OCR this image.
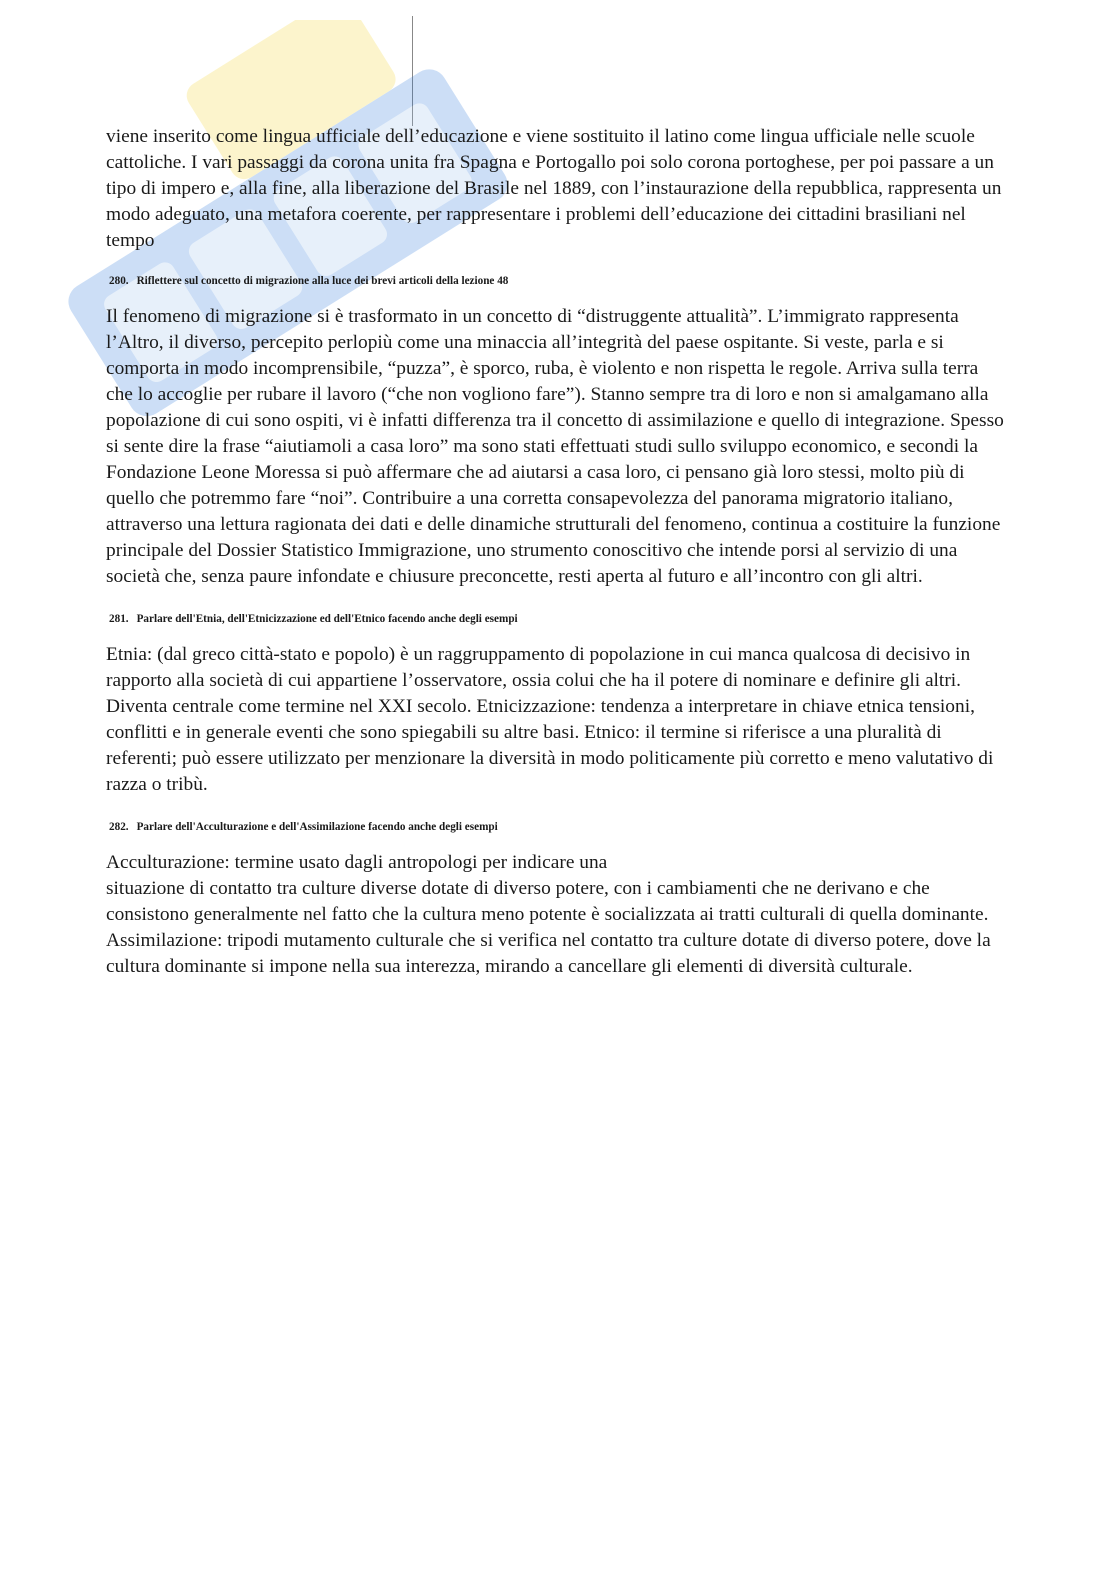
viene inserito come lingua ufficiale dell’educazione e viene sostituito il latino come lingua ufficiale nelle scuole cattoliche. I vari passaggi da corona unita fra Spagna e Portogallo poi solo corona portoghese, per poi passare a un tipo di impero e, alla fine, alla liberazione del Brasile nel 1889, con l’instaurazione della repubblica, rappresenta un modo adeguato, una metafora coerente, per rappresentare i problemi dell’educazione dei cittadini brasiliani nel tempo

280. Riflettere sul concetto di migrazione alla luce dei brevi articoli della lezione 48

Il fenomeno di migrazione si è trasformato in un concetto di “distruggente attualità”. L’immigrato rappresenta l’Altro, il diverso, percepito perlopiù come una minaccia all’integrità del paese ospitante. Si veste, parla e si comporta in modo incomprensibile, “puzza”, è sporco, ruba, è violento e non rispetta le regole. Arriva sulla terra che lo accoglie per rubare il lavoro (“che non vogliono fare”). Stanno sempre tra di loro e non si amalgamano alla popolazione di cui sono ospiti, vi è infatti differenza tra il concetto di assimilazione e quello di integrazione. Spesso si sente dire la frase “aiutiamoli a casa loro” ma sono stati effettuati studi sullo sviluppo economico, e secondi la Fondazione Leone Moressa si può affermare che ad aiutarsi a casa loro, ci pensano già loro stessi, molto più di quello che potremmo fare “noi”. Contribuire a una corretta consapevolezza del panorama migratorio italiano, attraverso una lettura ragionata dei dati e delle dinamiche strutturali del fenomeno, continua a costituire la funzione principale del Dossier Statistico Immigrazione, uno strumento conoscitivo che intende porsi al servizio di una società che, senza paure infondate e chiusure preconcette, resti aperta al futuro e all’incontro con gli altri.

281. Parlare dell'Etnia, dell'Etnicizzazione ed dell'Etnico facendo anche degli esempi

Etnia: (dal greco città-stato e popolo) è un raggruppamento di popolazione in cui manca qualcosa di decisivo in rapporto alla società di cui appartiene l’osservatore, ossia colui che ha il potere di nominare e definire gli altri. Diventa centrale come termine nel XXI secolo. Etnicizzazione: tendenza a interpretare in chiave etnica tensioni, conflitti e in generale eventi che sono spiegabili su altre basi. Etnico: il termine si riferisce a una pluralità di referenti; può essere utilizzato per menzionare la diversità in modo politicamente più corretto e meno valutativo di razza o tribù.

282. Parlare dell'Acculturazione e dell'Assimilazione facendo anche degli esempi

Acculturazione: termine usato dagli antropologi per indicare una

situazione di contatto tra culture diverse dotate di diverso potere, con i cambiamenti che ne derivano e che consistono generalmente nel fatto che la cultura meno potente è socializzata ai tratti culturali di quella dominante.

Assimilazione: tripodi mutamento culturale che si verifica nel contatto tra culture dotate di diverso potere, dove la cultura dominante si impone nella sua interezza, mirando a cancellare gli elementi di diversità culturale.
